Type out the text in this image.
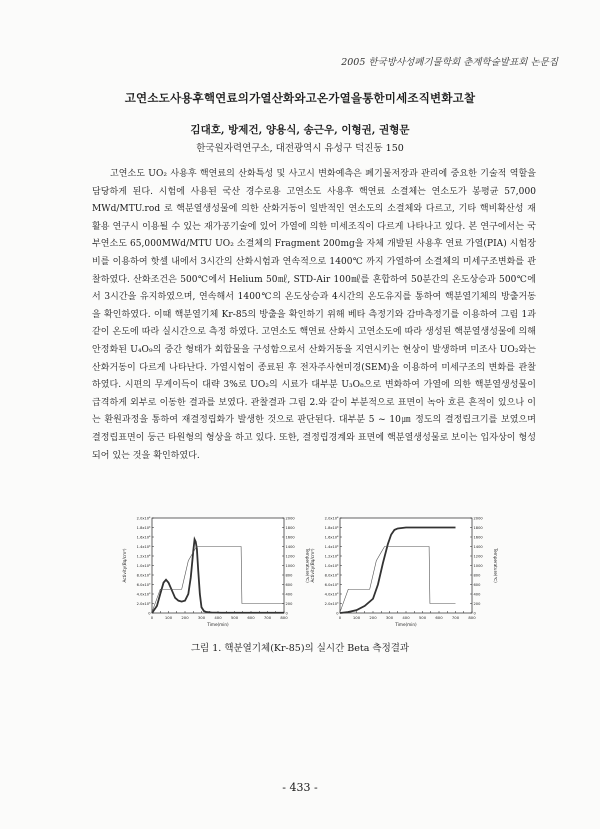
2005 한국방사성폐기물학회 춘계학술발표회 논문집
고연소도사용후핵연료의가열산화와고온가열을통한미세조직변화고찰
김대호, 방제건, 양용식, 송근우, 이형권, 권형문
한국원자력연구소, 대전광역시 유성구 덕진동 150
고연소도 UO₂ 사용후 핵연료의 산화특성 및 사고시 변화예측은 폐기물저장과 관리에 중요한 기술적 역할을 담당하게 된다. 시험에 사용된 국산 경수로용 고연소도 사용후 핵연료 소결체는 연소도가 봉평균 57,000 MWd/MTU.rod 로 핵분열생성물에 의한 산화거동이 일반적인 연소도의 소결체와 다르고, 기타 핵비확산성 재활용 연구시 이용될 수 있는 재가공기술에 있어 가열에 의한 미세조직이 다르게 나타나고 있다. 본 연구에서는 국부연소도 65,000MWd/MTU UO₂ 소결체의 Fragment 200mg을 자체 개발된 사용후 연료 가열(PIA) 시험장비를 이용하여 핫셀 내에서 3시간의 산화시험과 연속적으로 1400℃ 까지 가열하여 소결체의 미세구조변화를 관찰하였다. 산화조건은 500℃에서 Helium 50㎖, STD-Air 100㎖를 혼합하여 50분간의 온도상승과 500℃에서 3시간을 유지하였으며, 연속해서 1400℃의 온도상승과 4시간의 온도유지를 통하여 핵분열기체의 방출거동을 확인하였다. 이때 핵분열기체 Kr-85의 방출을 확인하기 위해 베타 측정기와 감마측정기를 이용하여 그림 1과 같이 온도에 따라 실시간으로 측정 하였다. 고연소도 핵연료 산화시 고연소도에 따라 생성된 핵분열생성물에 의해 안정화된 U₄O₉의 중간 형태가 회합물을 구성함으로서 산화거동을 지연시키는 현상이 발생하며 미조사 UO₂와는 산화거동이 다르게 나타난다. 가열시험이 종료된 후 전자주사현미경(SEM)을 이용하여 미세구조의 변화를 관찰하였다. 시편의 무게이득이 대략 3%로 UO₂의 시료가 대부분 U₃O₈으로 변화하여 가열에 의한 핵분열생성물이 급격하게 외부로 이동한 결과를 보였다. 관찰결과 그림 2.와 같이 부분적으로 표면이 녹아 흐른 흔적이 있으나 이는 환원과정을 통하여 재결정립화가 발생한 것으로 판단된다. 대부분 5 ~ 10㎛ 정도의 결정립크기를 보였으며 결정립표면이 둥근 타원형의 형상을 하고 있다. 또한, 결정립경계와 표면에 핵분열생성물로 보이는 입자상이 형성되어 있는 것을 확인하였다.
0	100 200 300 400 500 600 700 800
0
2.0x10³
4.0x10³
6.0x10³
8.0x10³
1.0x10⁴
1.2x10⁴
1.4x10⁴
1.6x10⁴
1.8x10⁴
2.0x10⁴
0
200
400
600
800
1000
1200
1400
1600
1800
2000
Time(min)
Activity(Bq/cm³)	Temperature(℃)
0	100 200 300 400 500 600 700 800
0
2.0x10³
4.0x10³
6.0x10³
8.0x10³
1.0x10⁴
1.2x10⁴
1.4x10⁴
1.6x10⁴
1.8x10⁴
2.0x10⁴
0
200
400
600
800
1000
1200
1400
1600
1800
2000
Time(min)
Activity(Bq/cm³)	Temperature(℃)
그림 1. 핵분열기체(Kr-85)의 실시간 Beta 측정결과
- 433 -
